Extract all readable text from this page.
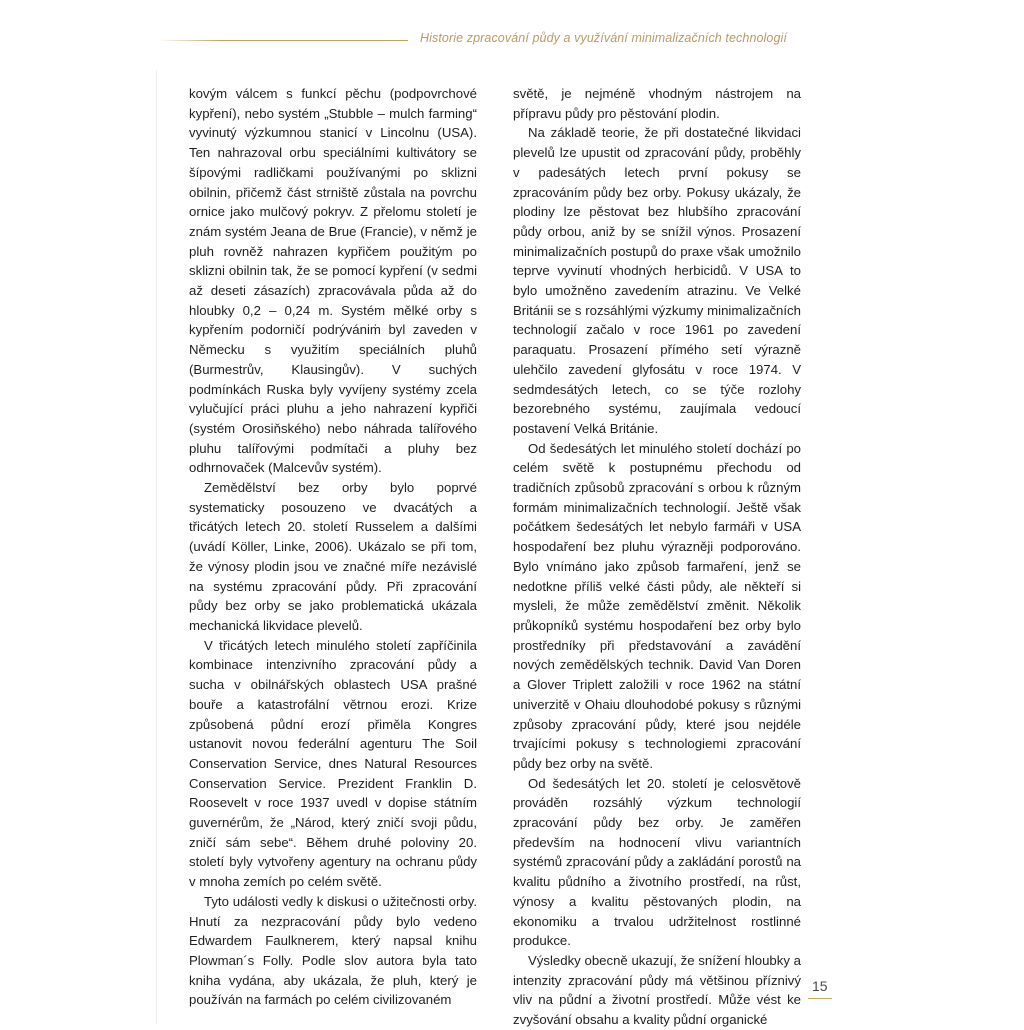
Historie zpracování půdy a využívání minimalizačních technologií

kovým válcem s funkcí pěchu (podpovrchové kypření), nebo systém „Stubble – mulch farming“ vyvinutý výzkumnou stanicí v Lincolnu (USA). Ten nahrazoval orbu speciálními kultivátory se šípovými radličkami používanými po sklizni obilnin, přičemž část strniště zůstala na povrchu ornice jako mulčový pokryv. Z přelomu století je znám systém Jeana de Brue (Francie), v němž je pluh rovněž nahrazen kypřičem použitým po sklizni obilnin tak, že se pomocí kypření (v sedmi až deseti zásazích) zpracovávala půda až do hloubky 0,2 – 0,24 m. Systém mělké orby s kypřením podorničí podrývániṁ byl zaveden v Německu s využitím speciálních pluhů (Burmestrův, Klausingův). V suchých podmínkách Ruska byly vyvíjeny systémy zcela vylučující práci pluhu a jeho nahrazení kypřiči (systém Orosiňského) nebo náhrada talířového pluhu talířovými podmítači a pluhy bez odhrnovaček (Malcevův systém).

Zemědělství bez orby bylo poprvé systematicky posouzeno ve dvacátých a třicátých letech 20. století Russelem a dalšími (uvádí Köller, Linke, 2006). Ukázalo se při tom, že výnosy plodin jsou ve značné míře nezávislé na systému zpracování půdy. Při zpracování půdy bez orby se jako problematická ukázala mechanická likvidace plevelů.

V třicátých letech minulého století zapříčinila kombinace intenzivního zpracování půdy a sucha v obilnářských oblastech USA prašné bouře a katastrofální větrnou erozi. Krize způsobená půdní erozí přiměla Kongres ustanovit novou federální agenturu The Soil Conservation Service, dnes Natural Resources Conservation Service. Prezident Franklin D. Roosevelt v roce 1937 uvedl v dopise státním guvernérům, že „Národ, který zničí svoji půdu, zničí sám sebe“. Během druhé poloviny 20. století byly vytvořeny agentury na ochranu půdy v mnoha zemích po celém světě.

Tyto události vedly k diskusi o užitečnosti orby. Hnutí za nezpracování půdy bylo vedeno Edwardem Faulknerem, který napsal knihu Plowman´s Folly. Podle slov autora byla tato kniha vydána, aby ukázala, že pluh, který je používán na farmách po celém civilizovaném

světě, je nejméně vhodným nástrojem na přípravu půdy pro pěstování plodin.

Na základě teorie, že při dostatečné likvidaci plevelů lze upustit od zpracování půdy, proběhly v padesátých letech první pokusy se zpracováním půdy bez orby. Pokusy ukázaly, že plodiny lze pěstovat bez hlubšího zpracování půdy orbou, aniž by se snížil výnos. Prosazení minimalizačních postupů do praxe však umožnilo teprve vyvinutí vhodných herbicidů. V USA to bylo umožněno zavedením atrazinu. Ve Velké Británii se s rozsáhlými výzkumy minimalizačních technologií začalo v roce 1961 po zavedení paraquatu. Prosazení přímého setí výrazně ulehčilo zavedení glyfosátu v roce 1974. V sedmdesátých letech, co se týče rozlohy bezorebného systému, zaujímala vedoucí postavení Velká Británie.

Od šedesátých let minulého století dochází po celém světě k postupnému přechodu od tradičních způsobů zpracování s orbou k různým formám minimalizačních technologií. Ještě však počátkem šedesátých let nebylo farmáři v USA hospodaření bez pluhu výrazněji podporováno. Bylo vnímáno jako způsob farmaření, jenž se nedotkne příliš velké části půdy, ale někteří si mysleli, že může zemědělství změnit. Několik průkopníků systému hospodaření bez orby bylo prostředníky při představování a zavádění nových zemědělských technik. David Van Doren a Glover Triplett založili v roce 1962 na státní univerzitě v Ohaiu dlouhodobé pokusy s různými způsoby zpracování půdy, které jsou nejdéle trvajícími pokusy s technologiemi zpracování půdy bez orby na světě.

Od šedesátých let 20. století je celosvětově prováděn rozsáhlý výzkum technologií zpracování půdy bez orby. Je zaměřen především na hodnocení vlivu variantních systémů zpracování půdy a zakládání porostů na kvalitu půdního a životního prostředí, na růst, výnosy a kvalitu pěstovaných plodin, na ekonomiku a trvalou udržitelnost rostlinné produkce.

Výsledky obecně ukazují, že snížení hloubky a intenzity zpracování půdy má většinou příznivý vliv na půdní a životní prostředí. Může vést ke zvyšování obsahu a kvality půdní organické

15
